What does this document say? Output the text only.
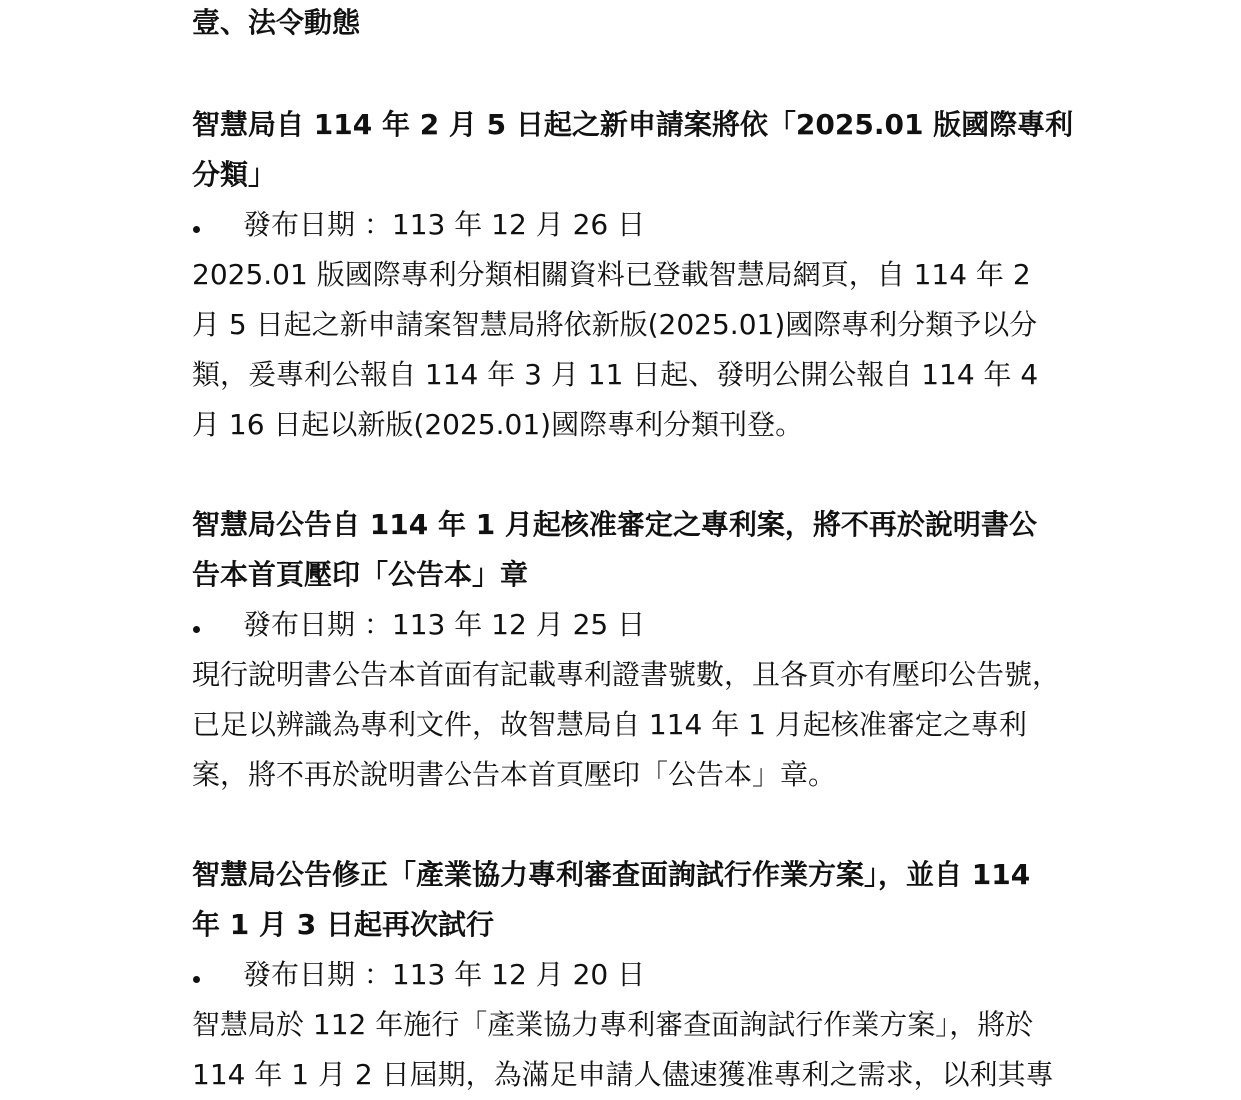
壹、法令動態
智慧局自 114 年 2 月 5 日起之新申請案將依「2025.01 版國際專利
分類」
發布日期 ：113 年 12 月 26 日
2025.01 版國際專利分類相關資料已登載智慧局網頁，自 114 年 2
月 5 日起之新申請案智慧局將依新版(2025.01)國際專利分類予以分
類，爰專利公報自 114 年 3 月 11 日起、發明公開公報自 114 年 4
月 16 日起以新版(2025.01)國際專利分類刊登。
智慧局公告自 114 年 1 月起核准審定之專利案，將不再於說明書公
告本首頁壓印「公告本」章
發布日期 ：113 年 12 月 25 日
現行說明書公告本首面有記載專利證書號數，且各頁亦有壓印公告號，
已足以辨識為專利文件，故智慧局自 114 年 1 月起核准審定之專利
案，將不再於說明書公告本首頁壓印「公告本」章。
智慧局公告修正「產業協力專利審查面詢試行作業方案」，並自 114
年 1 月 3 日起再次試行
發布日期 ：113 年 12 月 20 日
智慧局於 112 年施行「產業協力專利審查面詢試行作業方案」，將於
114 年 1 月 2 日屆期，為滿足申請人儘速獲准專利之需求，以利其專
